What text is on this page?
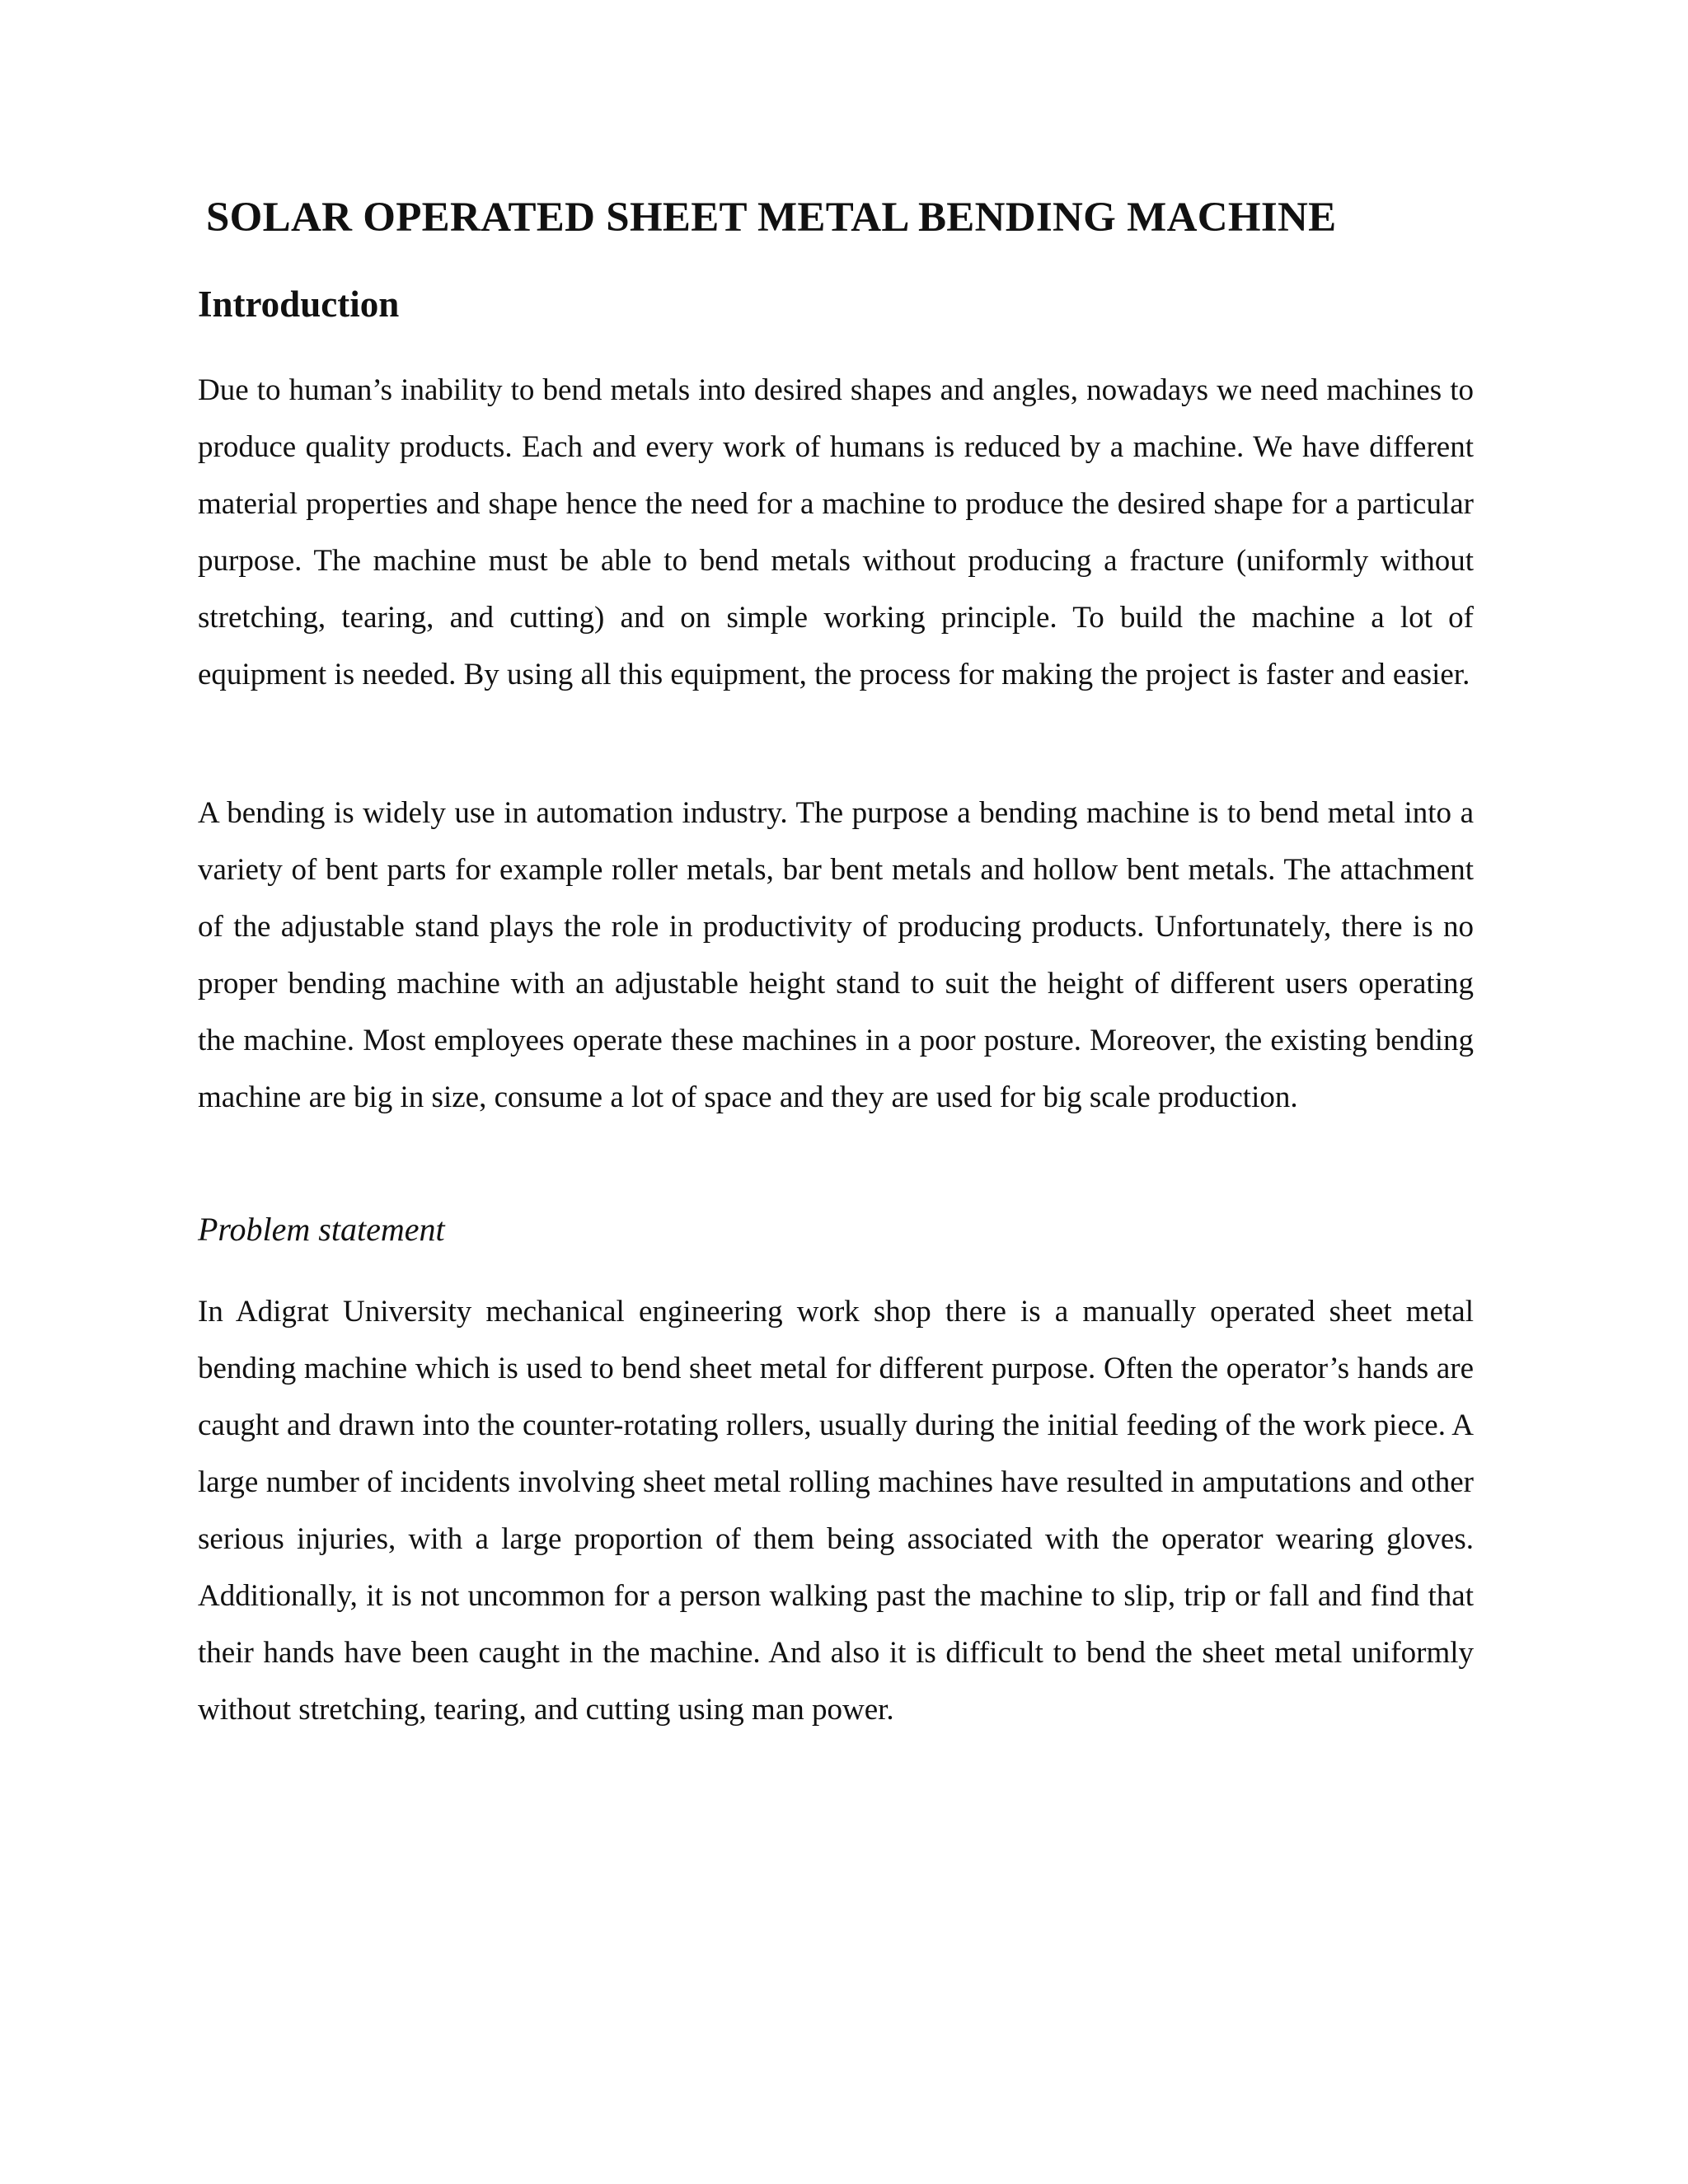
SOLAR OPERATED SHEET METAL BENDING MACHINE
Introduction

Due to human’s inability to bend metals into desired shapes and angles, nowadays we need machines to produce quality products. Each and every work of humans is reduced by a machine. We have different material properties and shape hence the need for a machine to produce the desired shape for a particular purpose. The machine must be able to bend metals without producing a fracture (uniformly without stretching, tearing, and cutting) and on simple working principle. To build the machine a lot of equipment is needed. By using all this equipment, the process for making the project is faster and easier.

A bending is widely use in automation industry. The purpose a bending machine is to bend metal into a variety of bent parts for example roller metals, bar bent metals and hollow bent metals. The attachment of the adjustable stand plays the role in productivity of producing products. Unfortunately, there is no proper bending machine with an adjustable height stand to suit the height of different users operating the machine. Most employees operate these machines in a poor posture. Moreover, the existing bending machine are big in size, consume a lot of space and they are used for big scale production.

Problem statement

In Adigrat University mechanical engineering work shop there is a manually operated sheet metal bending machine which is used to bend sheet metal for different purpose. Often the operator’s hands are caught and drawn into the counter-rotating rollers, usually during the initial feeding of the work piece. A large number of incidents involving sheet metal rolling machines have resulted in amputations and other serious injuries, with a large proportion of them being associated with the operator wearing gloves. Additionally, it is not uncommon for a person walking past the machine to slip, trip or fall and find that their hands have been caught in the machine. And also it is difficult to bend the sheet metal uniformly without stretching, tearing, and cutting using man power.
